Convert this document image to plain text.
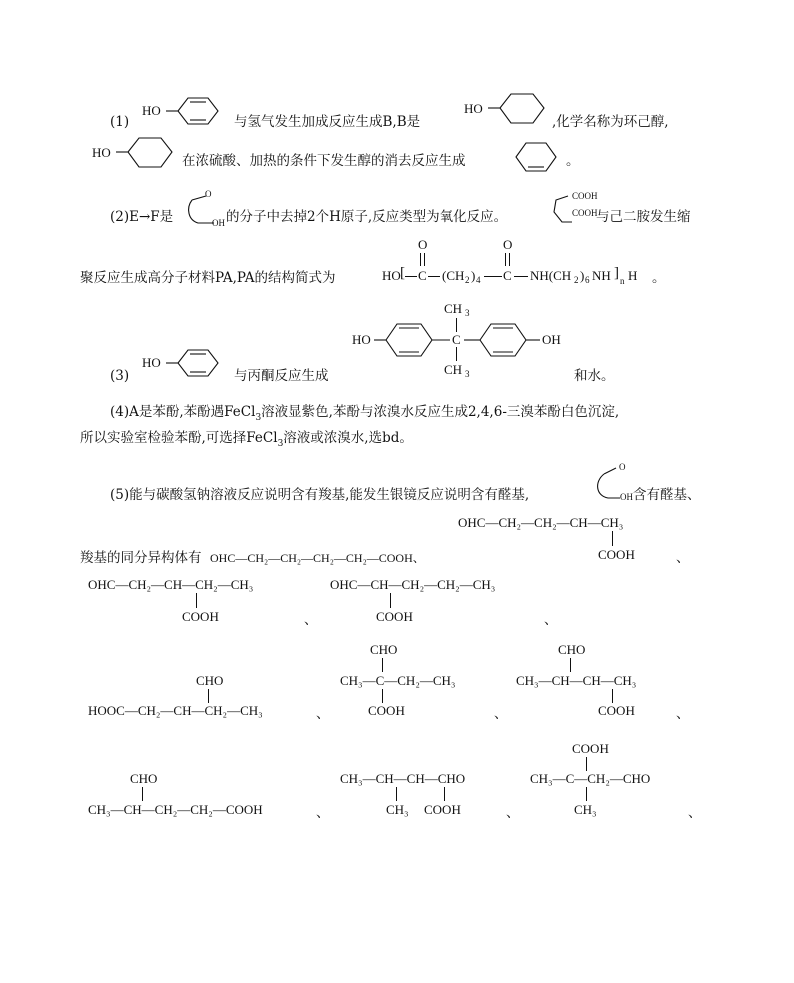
(1)
HO
与氢气发生加成反应生成B,B是
HO
,化学名称为环己醇,
HO
在浓硫酸、加热的条件下发生醇的消去反应生成	。
(2)E→F是
O
OH 的分子中去掉2个H原子,反应类型为氧化反应。
COOH
COOH
与己二胺发生缩
聚反应生成高分子材料PA,PA的结构简式为
O	O
HO [ C (CH 2 ) 4 C NH(CH 2 ) 6 NH ] n H 。
(3)
HO
与丙酮反应生成
HO	C
CH 3
CH 3
OH
和水。
(4)A是苯酚,苯酚遇FeCl$_3$溶液显紫色,苯酚与浓溴水反应生成2,4,6-三溴苯酚白色沉淀,
所以实验室检验苯酚,可选择FeCl$_3$溶液或浓溴水,选bd。
(5)能与碳酸氢钠溶液反应说明含有羧基,能发生银镜反应说明含有醛基,
O
OH 含有醛基、
羧基的同分异构体有 OHC—CH₂—CH₂—CH₂—CH₂—COOH、
OHC—CH₂—CH₂—CH—CH₃
COOH	、
OHC—CH₂—CH—CH₂—CH₃
COOH	、
OHC—CH—CH₂—CH₂—CH₃
COOH	、
CHO
HOOC—CH₂—CH—CH₂—CH₃	、
CHO
CH₃—C—CH₂—CH₃
COOH	、
CHO
CH₃—CH—CH—CH₃
COOH	、
CHO
CH₃—CH—CH₂—CH₂—COOH	、
CH₃—CH—CH—CHO
CH₃ COOH	、
COOH
CH₃—C—CH₂—CHO
CH₃	、
